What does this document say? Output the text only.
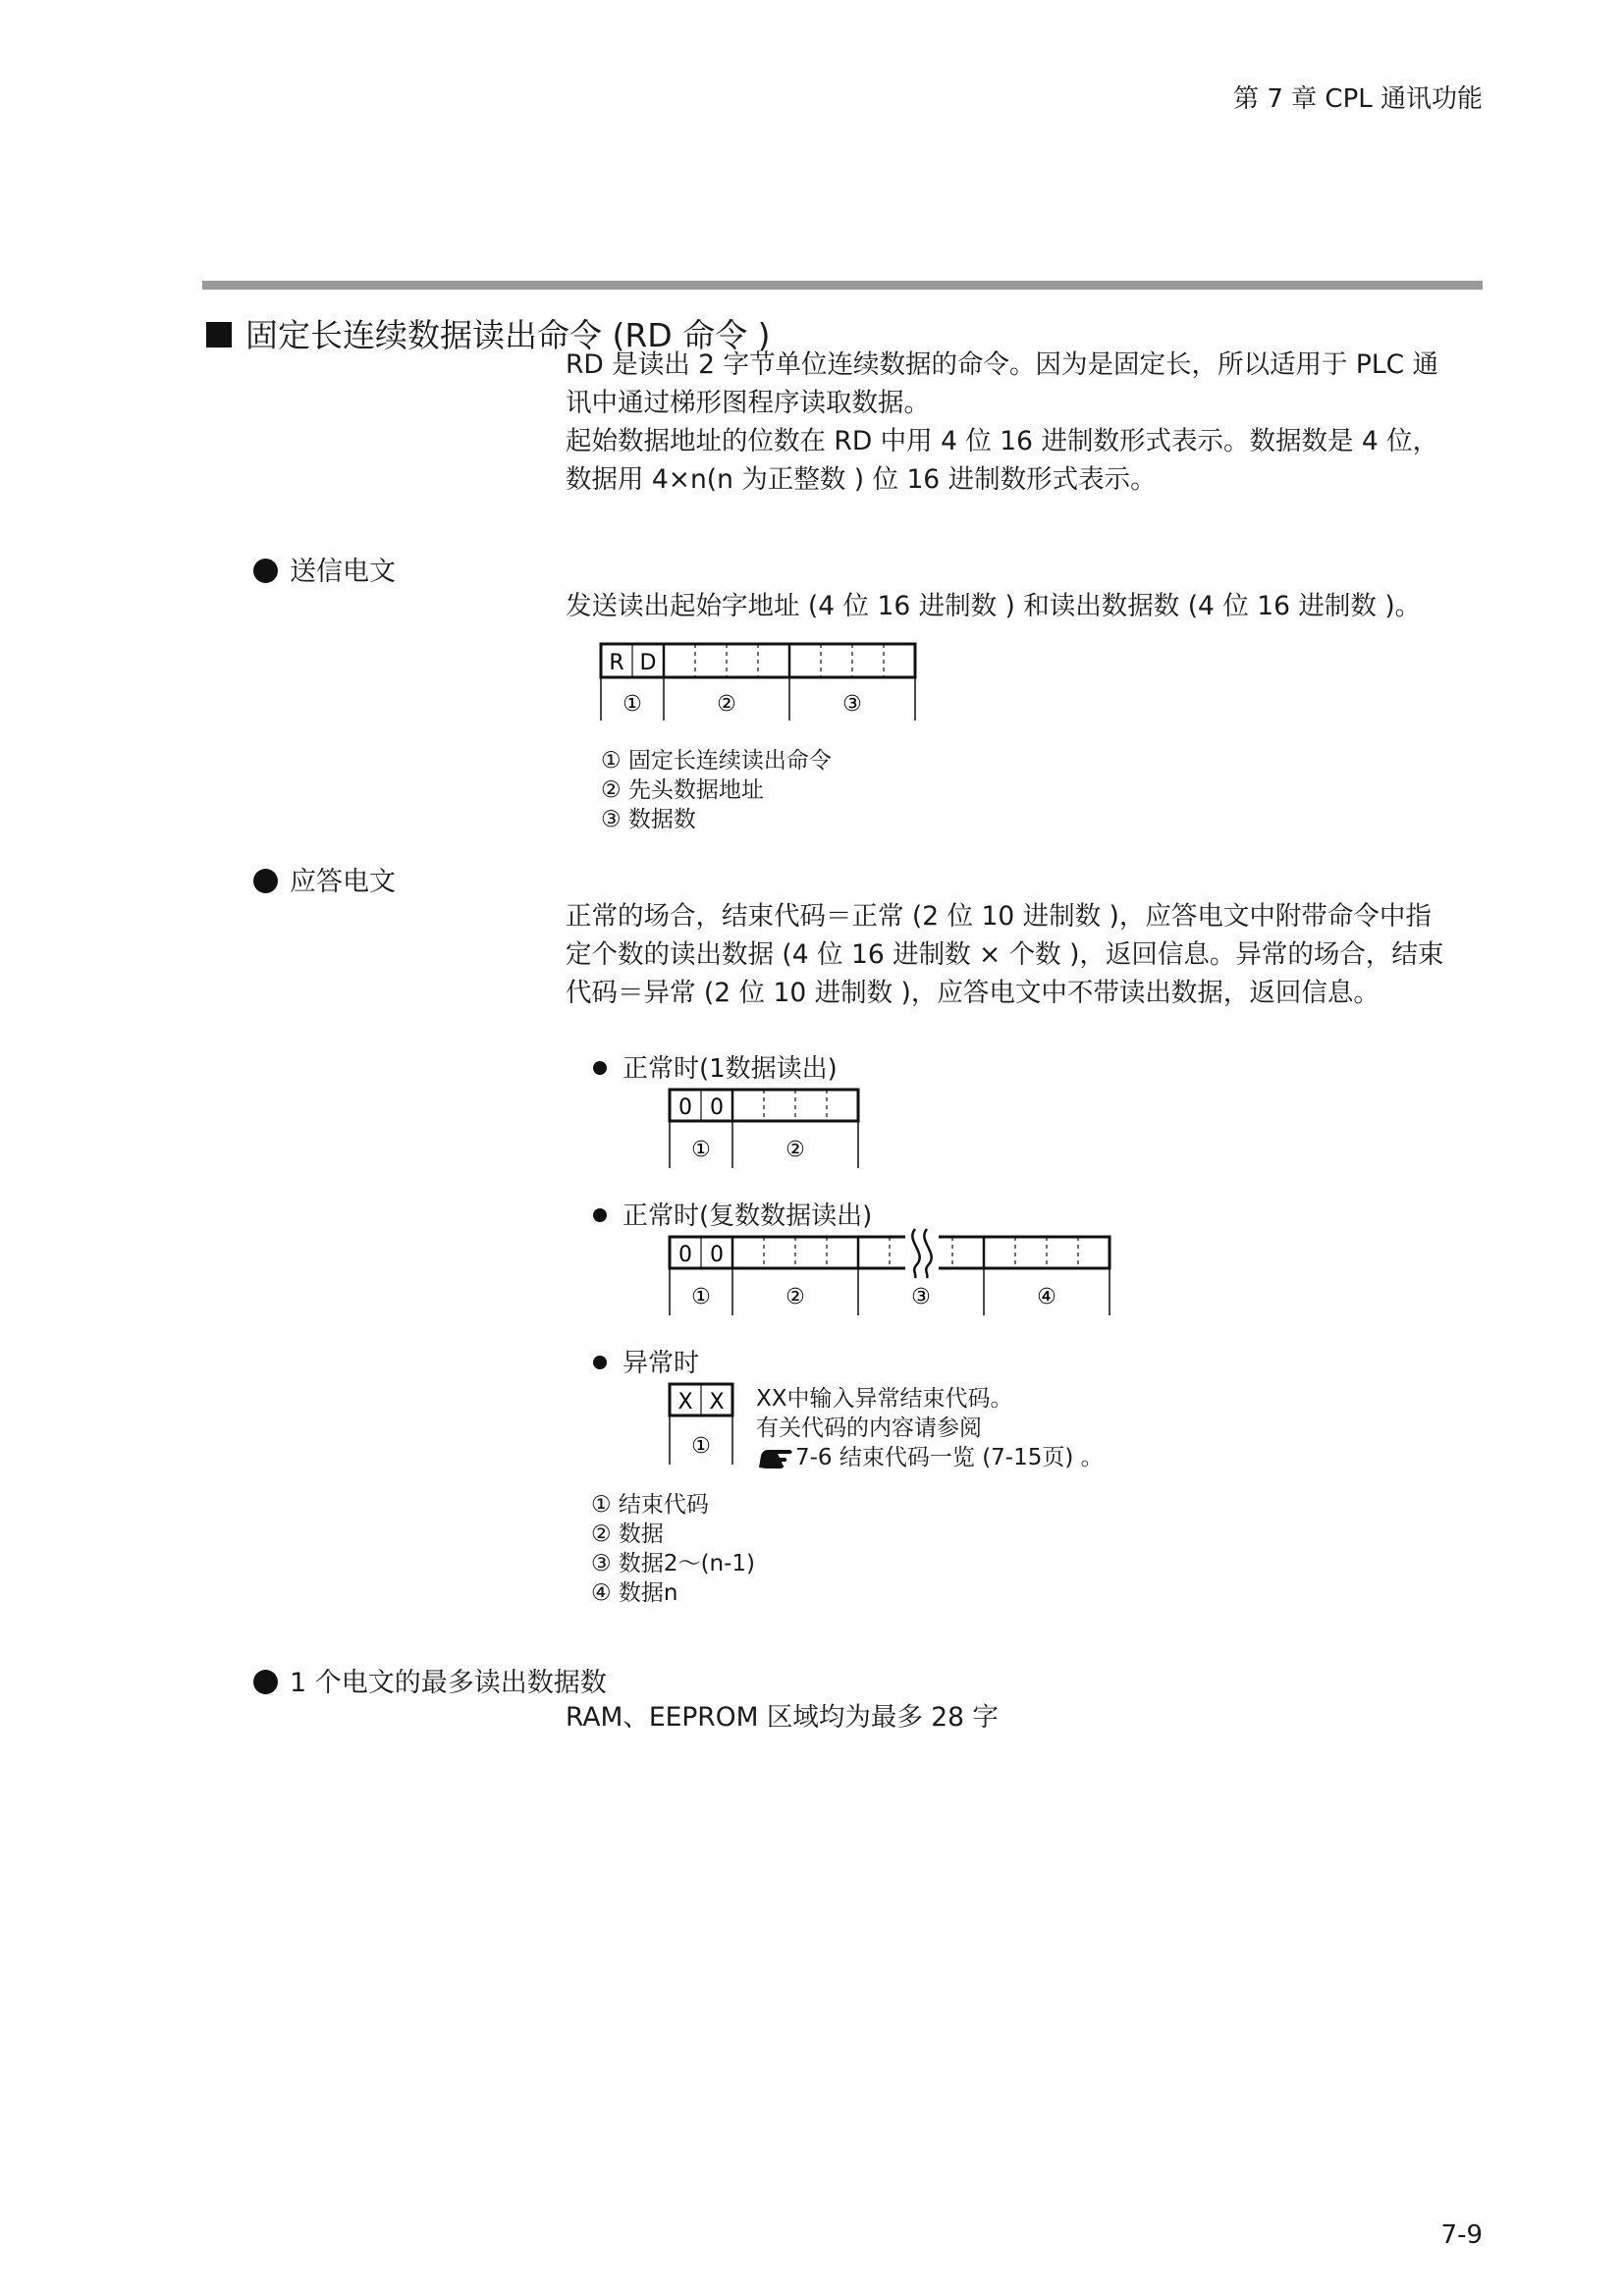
第 7 章 CPL 通讯功能
固定长连续数据读出命令 (RD 命令 )
RD 是读出 2 字节单位连续数据的命令。因为是固定长，所以适用于 PLC 通
讯中通过梯形图程序读取数据。
起始数据地址的位数在 RD 中用 4 位 16 进制数形式表示。数据数是 4 位，
数据用 4×n(n 为正整数 ) 位 16 进制数形式表示。
送信电文
发送读出起始字地址 (4 位 16 进制数 ) 和读出数据数 (4 位 16 进制数 )。
R D
①	②	③
① 固定长连续读出命令
② 先头数据地址
③ 数据数
应答电文
正常的场合，结束代码＝正常 (2 位 10 进制数 )，应答电文中附带命令中指
定个数的读出数据 (4 位 16 进制数 × 个数 )，返回信息。异常的场合，结束
代码＝异常 (2 位 10 进制数 )，应答电文中不带读出数据，返回信息。
正常时(1数据读出)
0 0
①	②
正常时(复数数据读出)
0 0
①	②	③	④
异常时
X X
①
XX中输入异常结束代码。
有关代码的内容请参阅
7-6 结束代码一览 (7-15页) 。
① 结束代码
② 数据
③ 数据2～(n-1)
④ 数据n
1 个电文的最多读出数据数
RAM、EEPROM 区域均为最多 28 字
7-9
